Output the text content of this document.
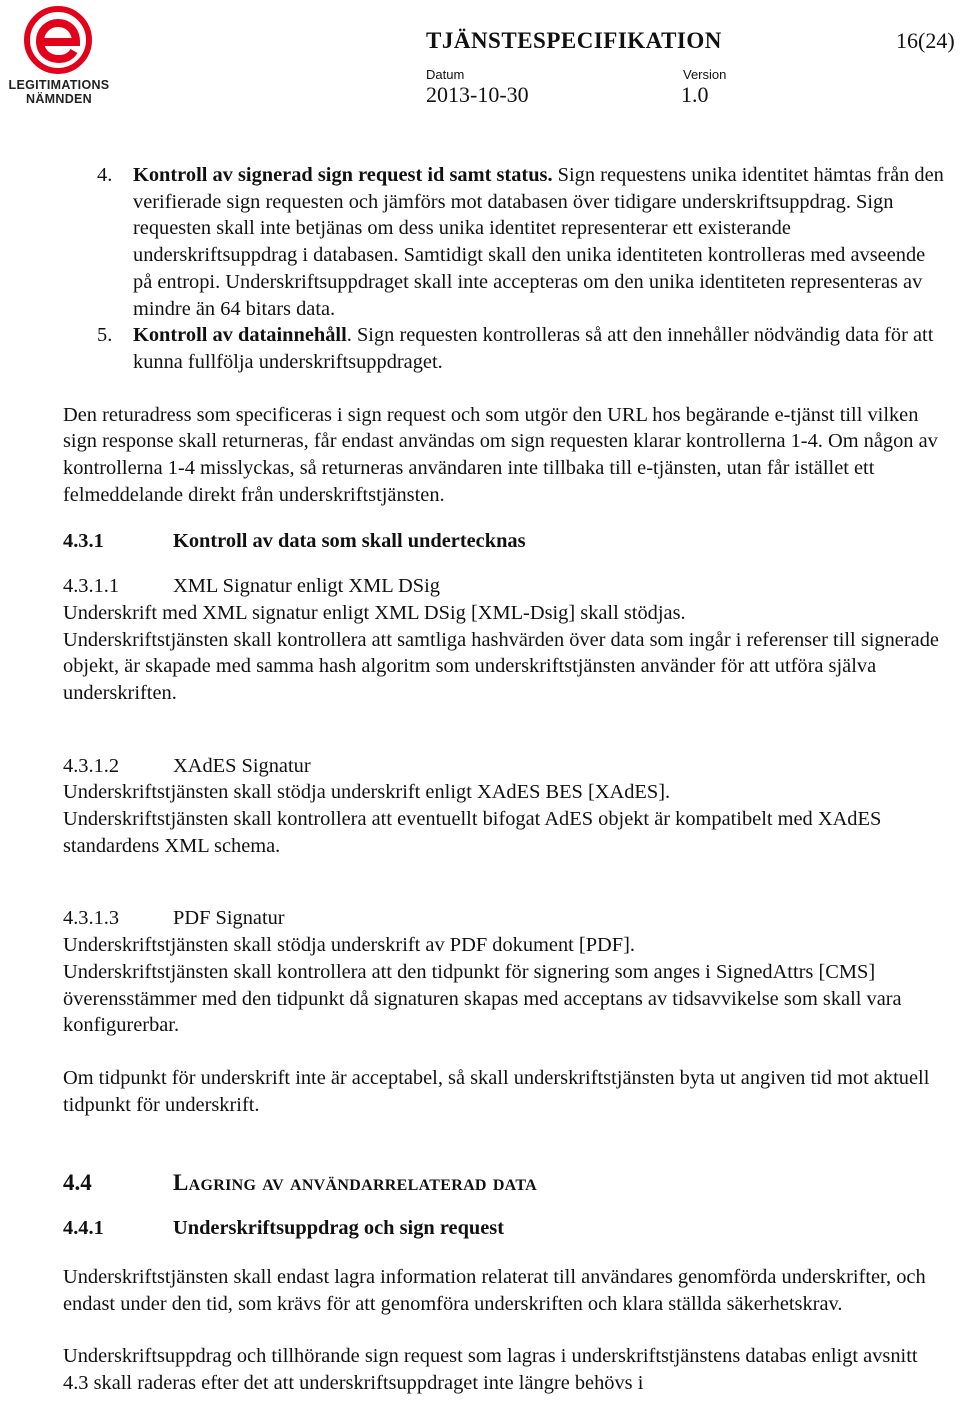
LEGITIMATIONS
NÄMNDEN
TJÄNSTESPECIFIKATION	16(24)
Datum
2013-10-30
Version
1.0
4. Kontroll av signerad sign request id samt status. Sign requestens unika identitet hämtas från den verifierade sign requesten och jämförs mot databasen över tidigare underskriftsuppdrag. Sign requesten skall inte betjänas om dess unika identitet representerar ett existerande underskriftsuppdrag i databasen. Samtidigt skall den unika identiteten kontrolleras med avseende på entropi. Underskriftsuppdraget skall inte accepteras om den unika identiteten representeras av mindre än 64 bitars data.
5. Kontroll av datainnehåll. Sign requesten kontrolleras så att den innehåller nödvändig data för att kunna fullfölja underskriftsuppdraget.

Den returadress som specificeras i sign request och som utgör den URL hos begärande e-tjänst till vilken sign response skall returneras, får endast användas om sign requesten klarar kontrollerna 1-4. Om någon av kontrollerna 1-4 misslyckas, så returneras användaren inte tillbaka till e-tjänsten, utan får istället ett felmeddelande direkt från underskriftstjänsten.

4.3.1	Kontroll av data som skall undertecknas
4.3.1.1	XML Signatur enligt XML DSig

Underskrift med XML signatur enligt XML DSig [XML-Dsig] skall stödjas.

Underskriftstjänsten skall kontrollera att samtliga hashvärden över data som ingår i referenser till signerade objekt, är skapade med samma hash algoritm som underskriftstjänsten använder för att utföra själva underskriften.

4.3.1.2	XAdES Signatur

Underskriftstjänsten skall stödja underskrift enligt XAdES BES [XAdES].

Underskriftstjänsten skall kontrollera att eventuellt bifogat AdES objekt är kompatibelt med XAdES standardens XML schema.

4.3.1.3	PDF Signatur

Underskriftstjänsten skall stödja underskrift av PDF dokument [PDF].

Underskriftstjänsten skall kontrollera att den tidpunkt för signering som anges i SignedAttrs [CMS] överensstämmer med den tidpunkt då signaturen skapas med acceptans av tidsavvikelse som skall vara konfigurerbar.

Om tidpunkt för underskrift inte är acceptabel, så skall underskriftstjänsten byta ut angiven tid mot aktuell tidpunkt för underskrift.

4.4	Lagring av användarrelaterad data
4.4.1	Underskriftsuppdrag och sign request

Underskriftstjänsten skall endast lagra information relaterat till användares genomförda underskrifter, och endast under den tid, som krävs för att genomföra underskriften och klara ställda säkerhetskrav.

Underskriftsuppdrag och tillhörande sign request som lagras i underskriftstjänstens databas enligt avsnitt 4.3 skall raderas efter det att underskriftsuppdraget inte längre behövs i
